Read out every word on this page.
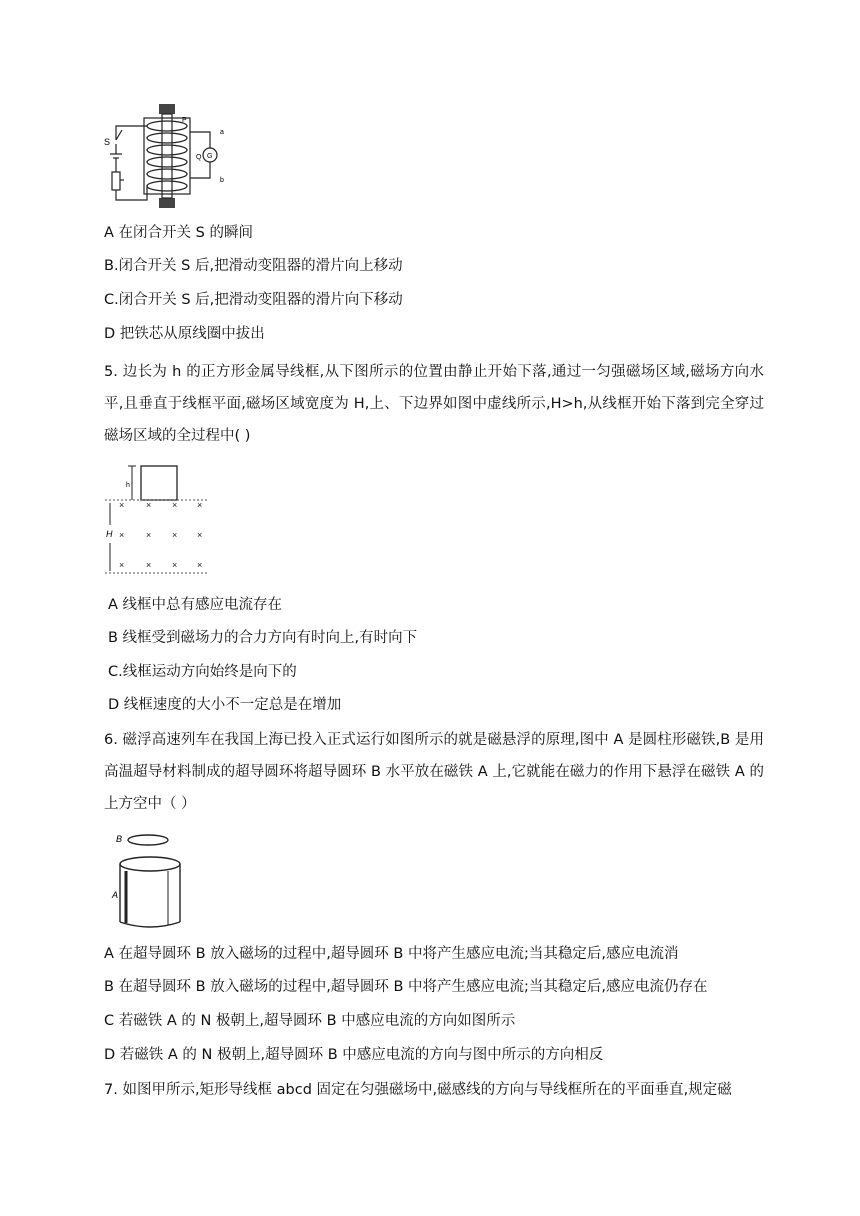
S
P
Q
a
b
G
A 在闭合开关 S 的瞬间
B.闭合开关 S 后,把滑动变阻器的滑片向上移动
C.闭合开关 S 后,把滑动变阻器的滑片向下移动
D 把铁芯从原线圈中拔出
5. 边长为 h 的正方形金属导线框,从下图所示的位置由静止开始下落,通过一匀强磁场区域,磁场方向水平,且垂直于线框平面,磁场区域宽度为 H,上、下边界如图中虚线所示,H>h,从线框开始下落到完全穿过磁场区域的全过程中( )
h
H
× × × ×
× × × ×
× × × ×
A 线框中总有感应电流存在
B 线框受到磁场力的合力方向有时向上,有时向下
C.线框运动方向始终是向下的
D 线框速度的大小不一定总是在增加
6. 磁浮高速列车在我国上海已投入正式运行如图所示的就是磁悬浮的原理,图中 A 是圆柱形磁铁,B 是用高温超导材料制成的超导圆环将超导圆环 B 水平放在磁铁 A 上,它就能在磁力的作用下悬浮在磁铁 A 的上方空中（ ）
B
A
A 在超导圆环 B 放入磁场的过程中,超导圆环 B 中将产生感应电流;当其稳定后,感应电流消
B 在超导圆环 B 放入磁场的过程中,超导圆环 B 中将产生感应电流;当其稳定后,感应电流仍存在
C 若磁铁 A 的 N 极朝上,超导圆环 B 中感应电流的方向如图所示
D 若磁铁 A 的 N 极朝上,超导圆环 B 中感应电流的方向与图中所示的方向相反
7. 如图甲所示,矩形导线框 abcd 固定在匀强磁场中,磁感线的方向与导线框所在的平面垂直,规定磁
